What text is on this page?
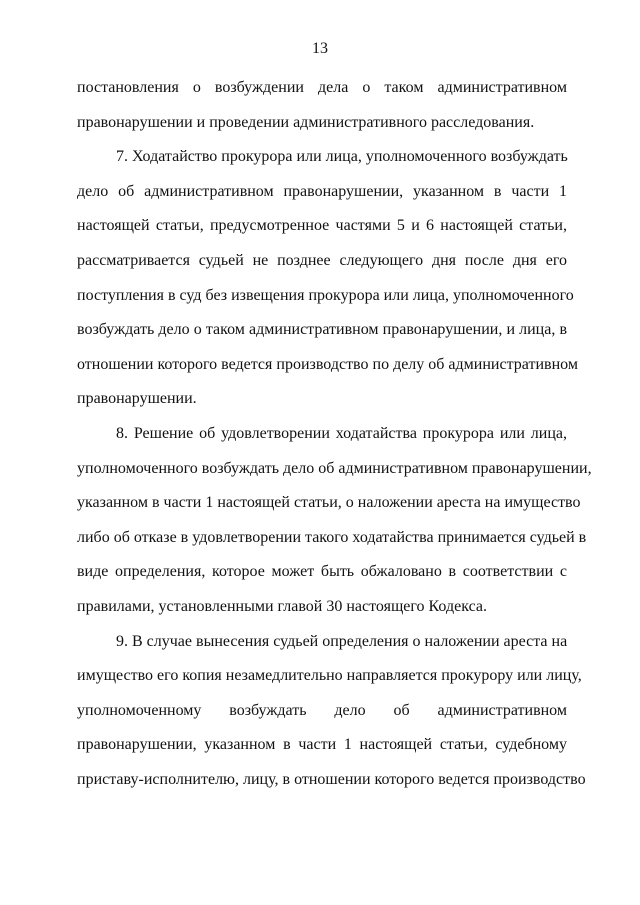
13
постановления о возбуждении дела о таком административном
правонарушении и проведении административного расследования.
7. Ходатайство прокурора или лица, уполномоченного возбуждать
дело об административном правонарушении, указанном в части 1
настоящей статьи, предусмотренное частями 5 и 6 настоящей статьи,
рассматривается судьей не позднее следующего дня после дня его
поступления в суд без извещения прокурора или лица, уполномоченного
возбуждать дело о таком административном правонарушении, и лица, в
отношении которого ведется производство по делу об административном
правонарушении.
8. Решение об удовлетворении ходатайства прокурора или лица,
уполномоченного возбуждать дело об административном правонарушении,
указанном в части 1 настоящей статьи, о наложении ареста на имущество
либо об отказе в удовлетворении такого ходатайства принимается судьей в
виде определения, которое может быть обжаловано в соответствии с
правилами, установленными главой 30 настоящего Кодекса.
9. В случае вынесения судьей определения о наложении ареста на
имущество его копия незамедлительно направляется прокурору или лицу,
уполномоченному возбуждать дело об административном
правонарушении, указанном в части 1 настоящей статьи, судебному
приставу-исполнителю, лицу, в отношении которого ведется производство
